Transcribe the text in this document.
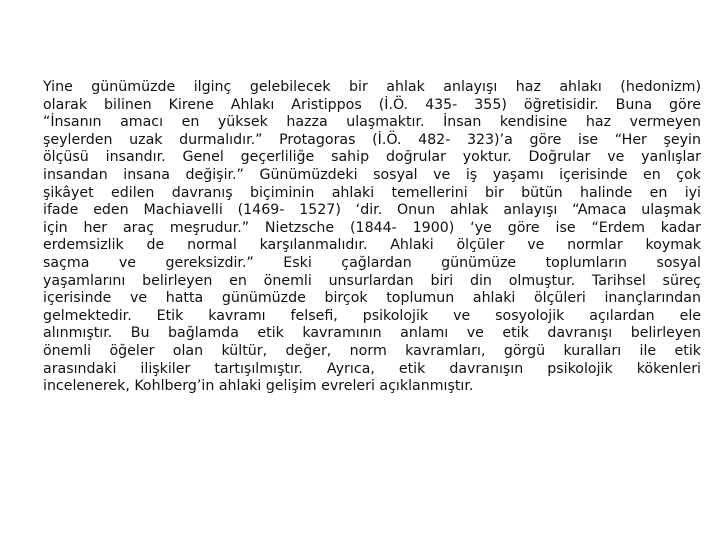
Yine günümüzde ilginç gelebilecek bir ahlak anlayışı haz ahlakı (hedonizm)
olarak bilinen Kirene Ahlakı Aristippos (İ.Ö. 435- 355) öğretisidir. Buna göre
“İnsanın amacı en yüksek hazza ulaşmaktır. İnsan kendisine haz vermeyen
şeylerden uzak durmalıdır.” Protagoras (İ.Ö. 482- 323)’a göre ise “Her şeyin
ölçüsü insandır. Genel geçerliliğe sahip doğrular yoktur. Doğrular ve yanlışlar
insandan insana değişir.” Günümüzdeki sosyal ve iş yaşamı içerisinde en çok
şikâyet edilen davranış biçiminin ahlaki temellerini bir bütün halinde en iyi
ifade eden Machiavelli (1469- 1527) ‘dir. Onun ahlak anlayışı “Amaca ulaşmak
için her araç meşrudur.” Nietzsche (1844- 1900) ‘ye göre ise “Erdem kadar
erdemsizlik de normal karşılanmalıdır. Ahlaki ölçüler ve normlar koymak
saçma ve gereksizdir.” Eski çağlardan günümüze toplumların sosyal
yaşamlarını belirleyen en önemli unsurlardan biri din olmuştur. Tarihsel süreç
içerisinde ve hatta günümüzde birçok toplumun ahlaki ölçüleri inançlarından
gelmektedir. Etik kavramı felsefi, psikolojik ve sosyolojik açılardan ele
alınmıştır. Bu bağlamda etik kavramının anlamı ve etik davranışı belirleyen
önemli öğeler olan kültür, değer, norm kavramları, görgü kuralları ile etik
arasındaki ilişkiler tartışılmıştır. Ayrıca, etik davranışın psikolojik kökenleri
incelenerek, Kohlberg’in ahlaki gelişim evreleri açıklanmıştır.
